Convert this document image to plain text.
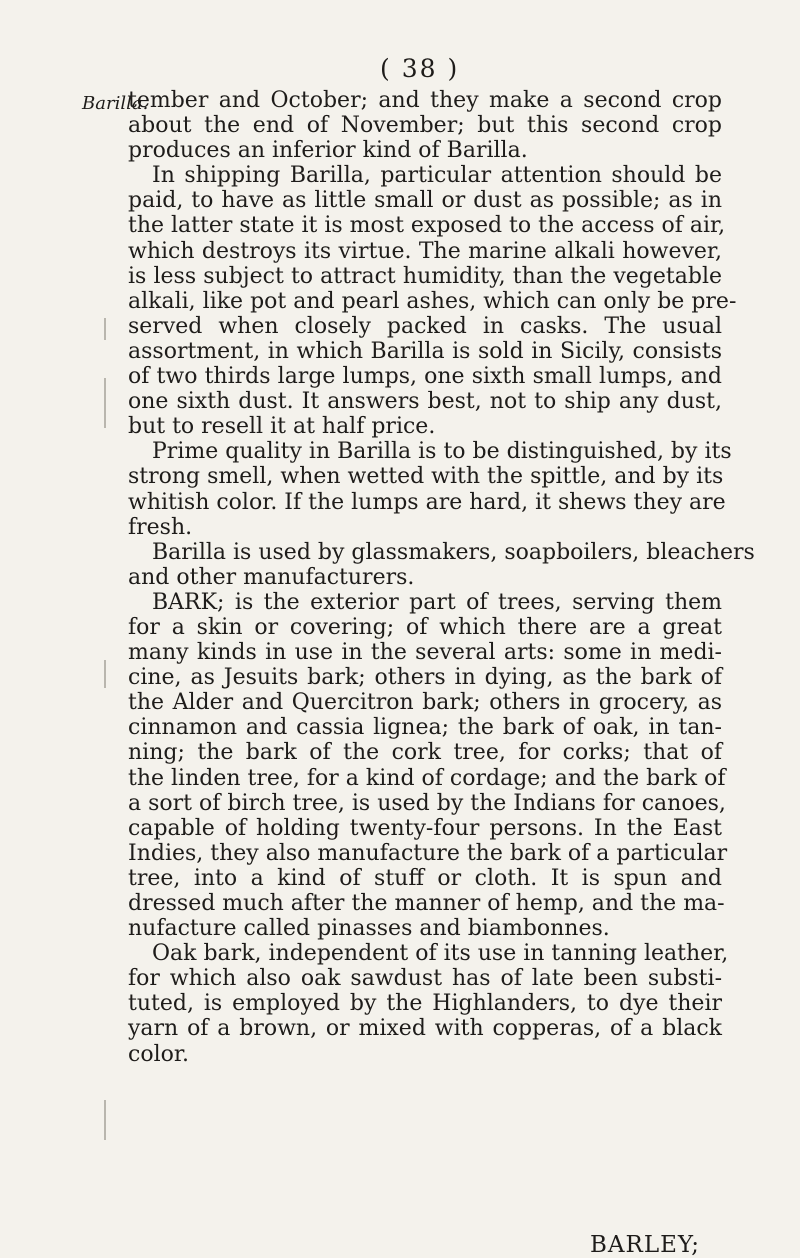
( 38 )
Barilla.
tember and October; and they make a second crop
about the end of November; but this second crop
produces an inferior kind of Barilla.
In shipping Barilla, particular attention should be
paid, to have as little small or dust as possible; as in
the latter state it is most exposed to the access of air,
which destroys its virtue. The marine alkali however,
is less subject to attract humidity, than the vegetable
alkali, like pot and pearl ashes, which can only be pre-
served when closely packed in casks. The usual
assortment, in which Barilla is sold in Sicily, consists
of two thirds large lumps, one sixth small lumps, and
one sixth dust. It answers best, not to ship any dust,
but to resell it at half price.
Prime quality in Barilla is to be distinguished, by its
strong smell, when wetted with the spittle, and by its
whitish color. If the lumps are hard, it shews they are
fresh.
Barilla is used by glassmakers, soapboilers, bleachers
and other manufacturers.
BARK; is the exterior part of trees, serving them
for a skin or covering; of which there are a great
many kinds in use in the several arts: some in medi-
cine, as Jesuits bark; others in dying, as the bark of
the Alder and Quercitron bark; others in grocery, as
cinnamon and cassia lignea; the bark of oak, in tan-
ning; the bark of the cork tree, for corks; that of
the linden tree, for a kind of cordage; and the bark of
a sort of birch tree, is used by the Indians for canoes,
capable of holding twenty-four persons. In the East
Indies, they also manufacture the bark of a particular
tree, into a kind of stuff or cloth. It is spun and
dressed much after the manner of hemp, and the ma-
nufacture called pinasses and biambonnes.
Oak bark, independent of its use in tanning leather,
for which also oak sawdust has of late been substi-
tuted, is employed by the Highlanders, to dye their
yarn of a brown, or mixed with copperas, of a black
color.
BARLEY;
